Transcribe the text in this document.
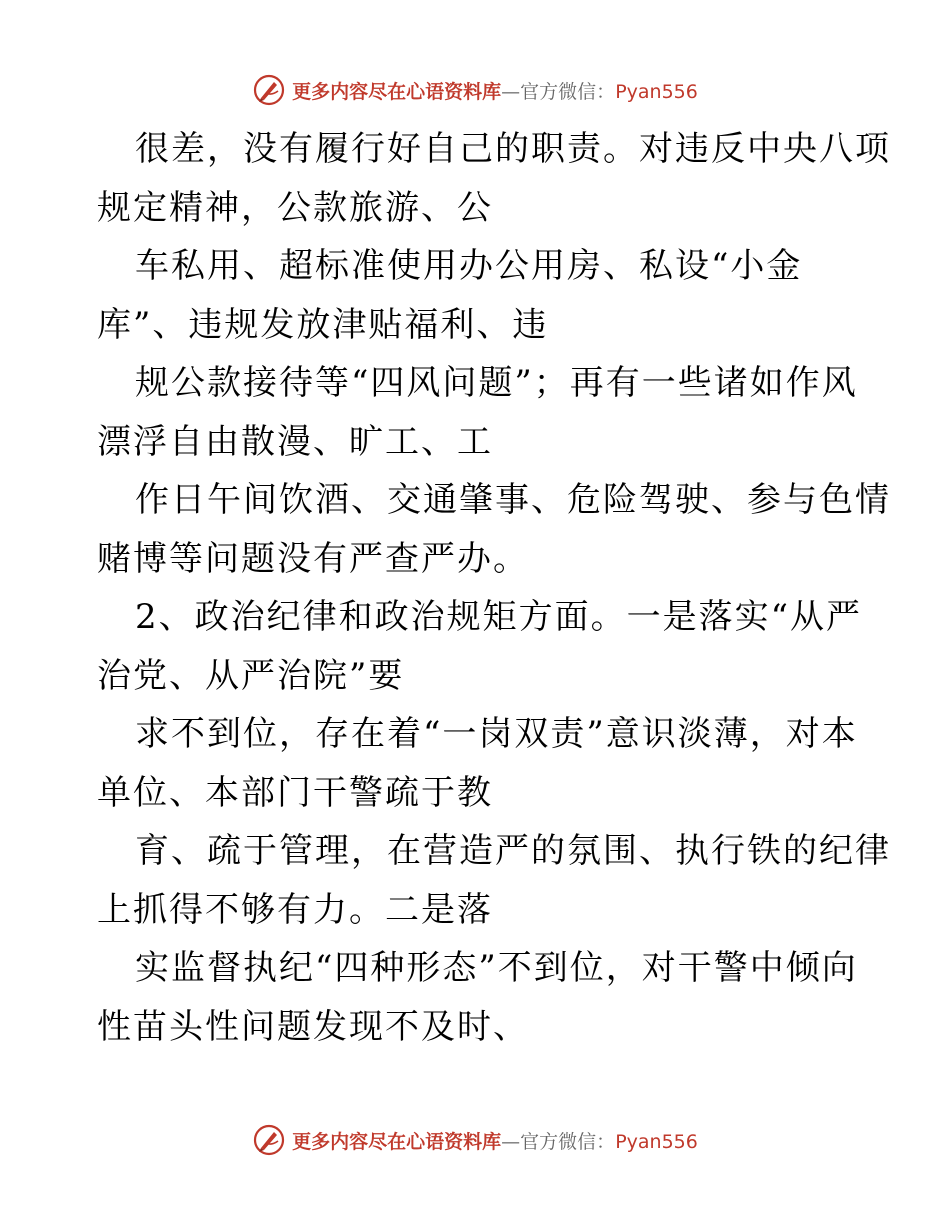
更多内容尽在心语资料库—官方微信：Pyan556
很差，没有履行好自己的职责。对违反中央八项
规定精神，公款旅游、公
车私用、超标准使用办公用房、私设“小金
库”、违规发放津贴福利、违
规公款接待等“四风问题”；再有一些诸如作风
漂浮自由散漫、旷工、工
作日午间饮酒、交通肇事、危险驾驶、参与色情
赌博等问题没有严查严办。
2、政治纪律和政治规矩方面。一是落实“从严
治党、从严治院”要
求不到位，存在着“一岗双责”意识淡薄，对本
单位、本部门干警疏于教
育、疏于管理，在营造严的氛围、执行铁的纪律
上抓得不够有力。二是落
实监督执纪“四种形态”不到位，对干警中倾向
性苗头性问题发现不及时、
更多内容尽在心语资料库—官方微信：Pyan556
